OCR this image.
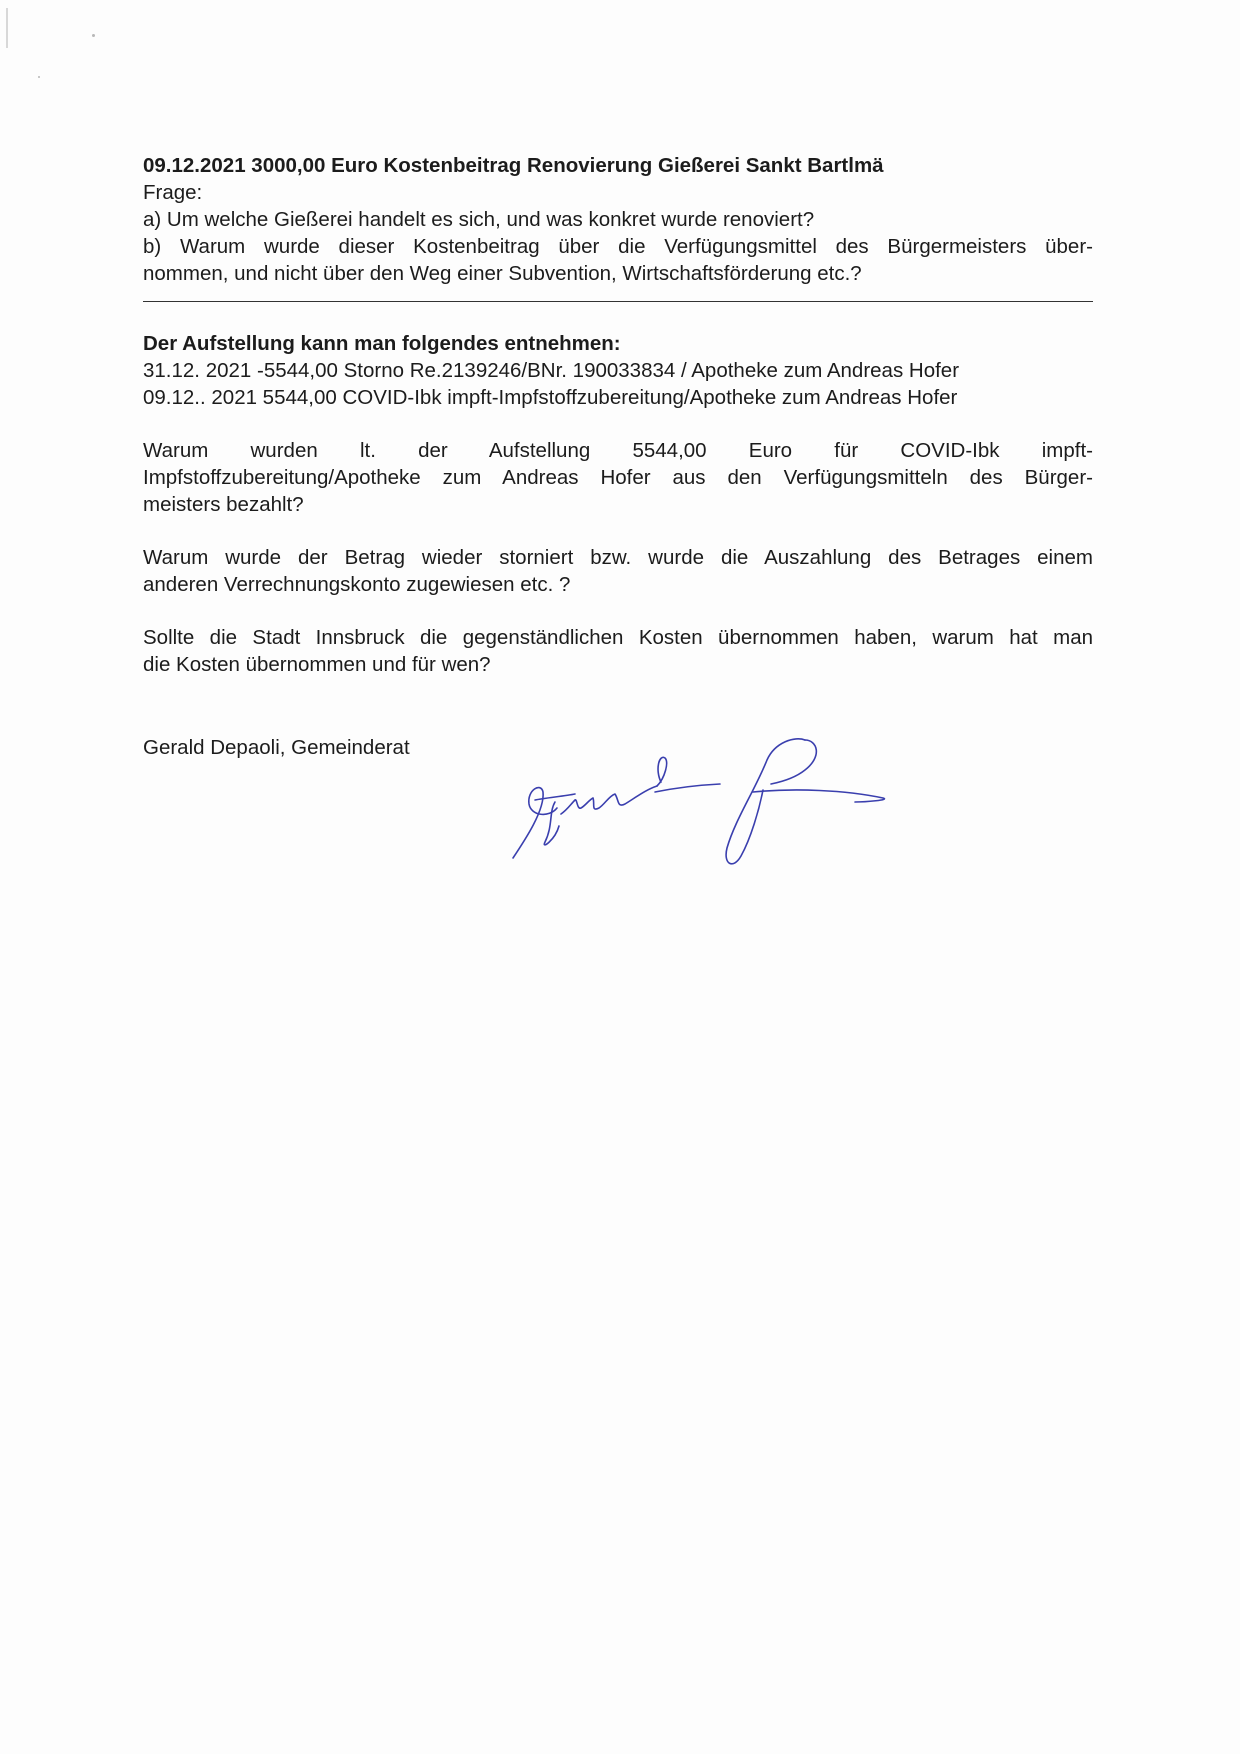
09.12.2021 3000,00 Euro Kostenbeitrag Renovierung Gießerei Sankt Bartlmä
Frage:
a) Um welche Gießerei handelt es sich, und was konkret wurde renoviert?
b) Warum wurde dieser Kostenbeitrag über die Verfügungsmittel des Bürgermeisters über-
nommen, und nicht über den Weg einer Subvention, Wirtschaftsförderung etc.?
Der Aufstellung kann man folgendes entnehmen:
31.12. 2021 -5544,00 Storno Re.2139246/BNr. 190033834 / Apotheke zum Andreas Hofer
09.12.. 2021 5544,00 COVID-Ibk impft-Impfstoffzubereitung/Apotheke zum Andreas Hofer
Warum wurden lt. der Aufstellung 5544,00 Euro für COVID-Ibk impft-
Impfstoffzubereitung/Apotheke zum Andreas Hofer aus den Verfügungsmitteln des Bürger-
meisters bezahlt?
Warum wurde der Betrag wieder storniert bzw. wurde die Auszahlung des Betrages einem
anderen Verrechnungskonto zugewiesen etc. ?
Sollte die Stadt Innsbruck die gegenständlichen Kosten übernommen haben, warum hat man
die Kosten übernommen und für wen?
Gerald Depaoli, Gemeinderat
